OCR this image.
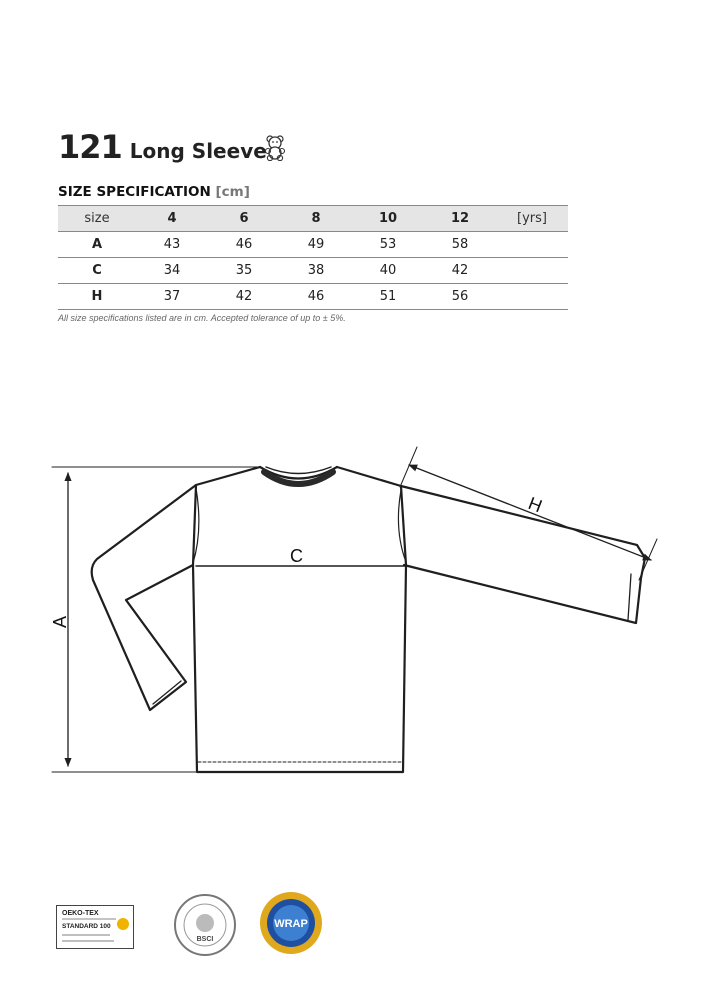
121 Long Sleeve
SIZE SPECIFICATION [cm]
size	4	6	8	10	12	[yrs]
A	43	46	49	53	58	
C	34	35	38	40	42	
H	37	42	46	51	56	
All size specifications listed are in cm. Accepted tolerance of up to ± 5%.
C
A
H
OEKO-TEX
STANDARD 100
BSCI
WRAP
